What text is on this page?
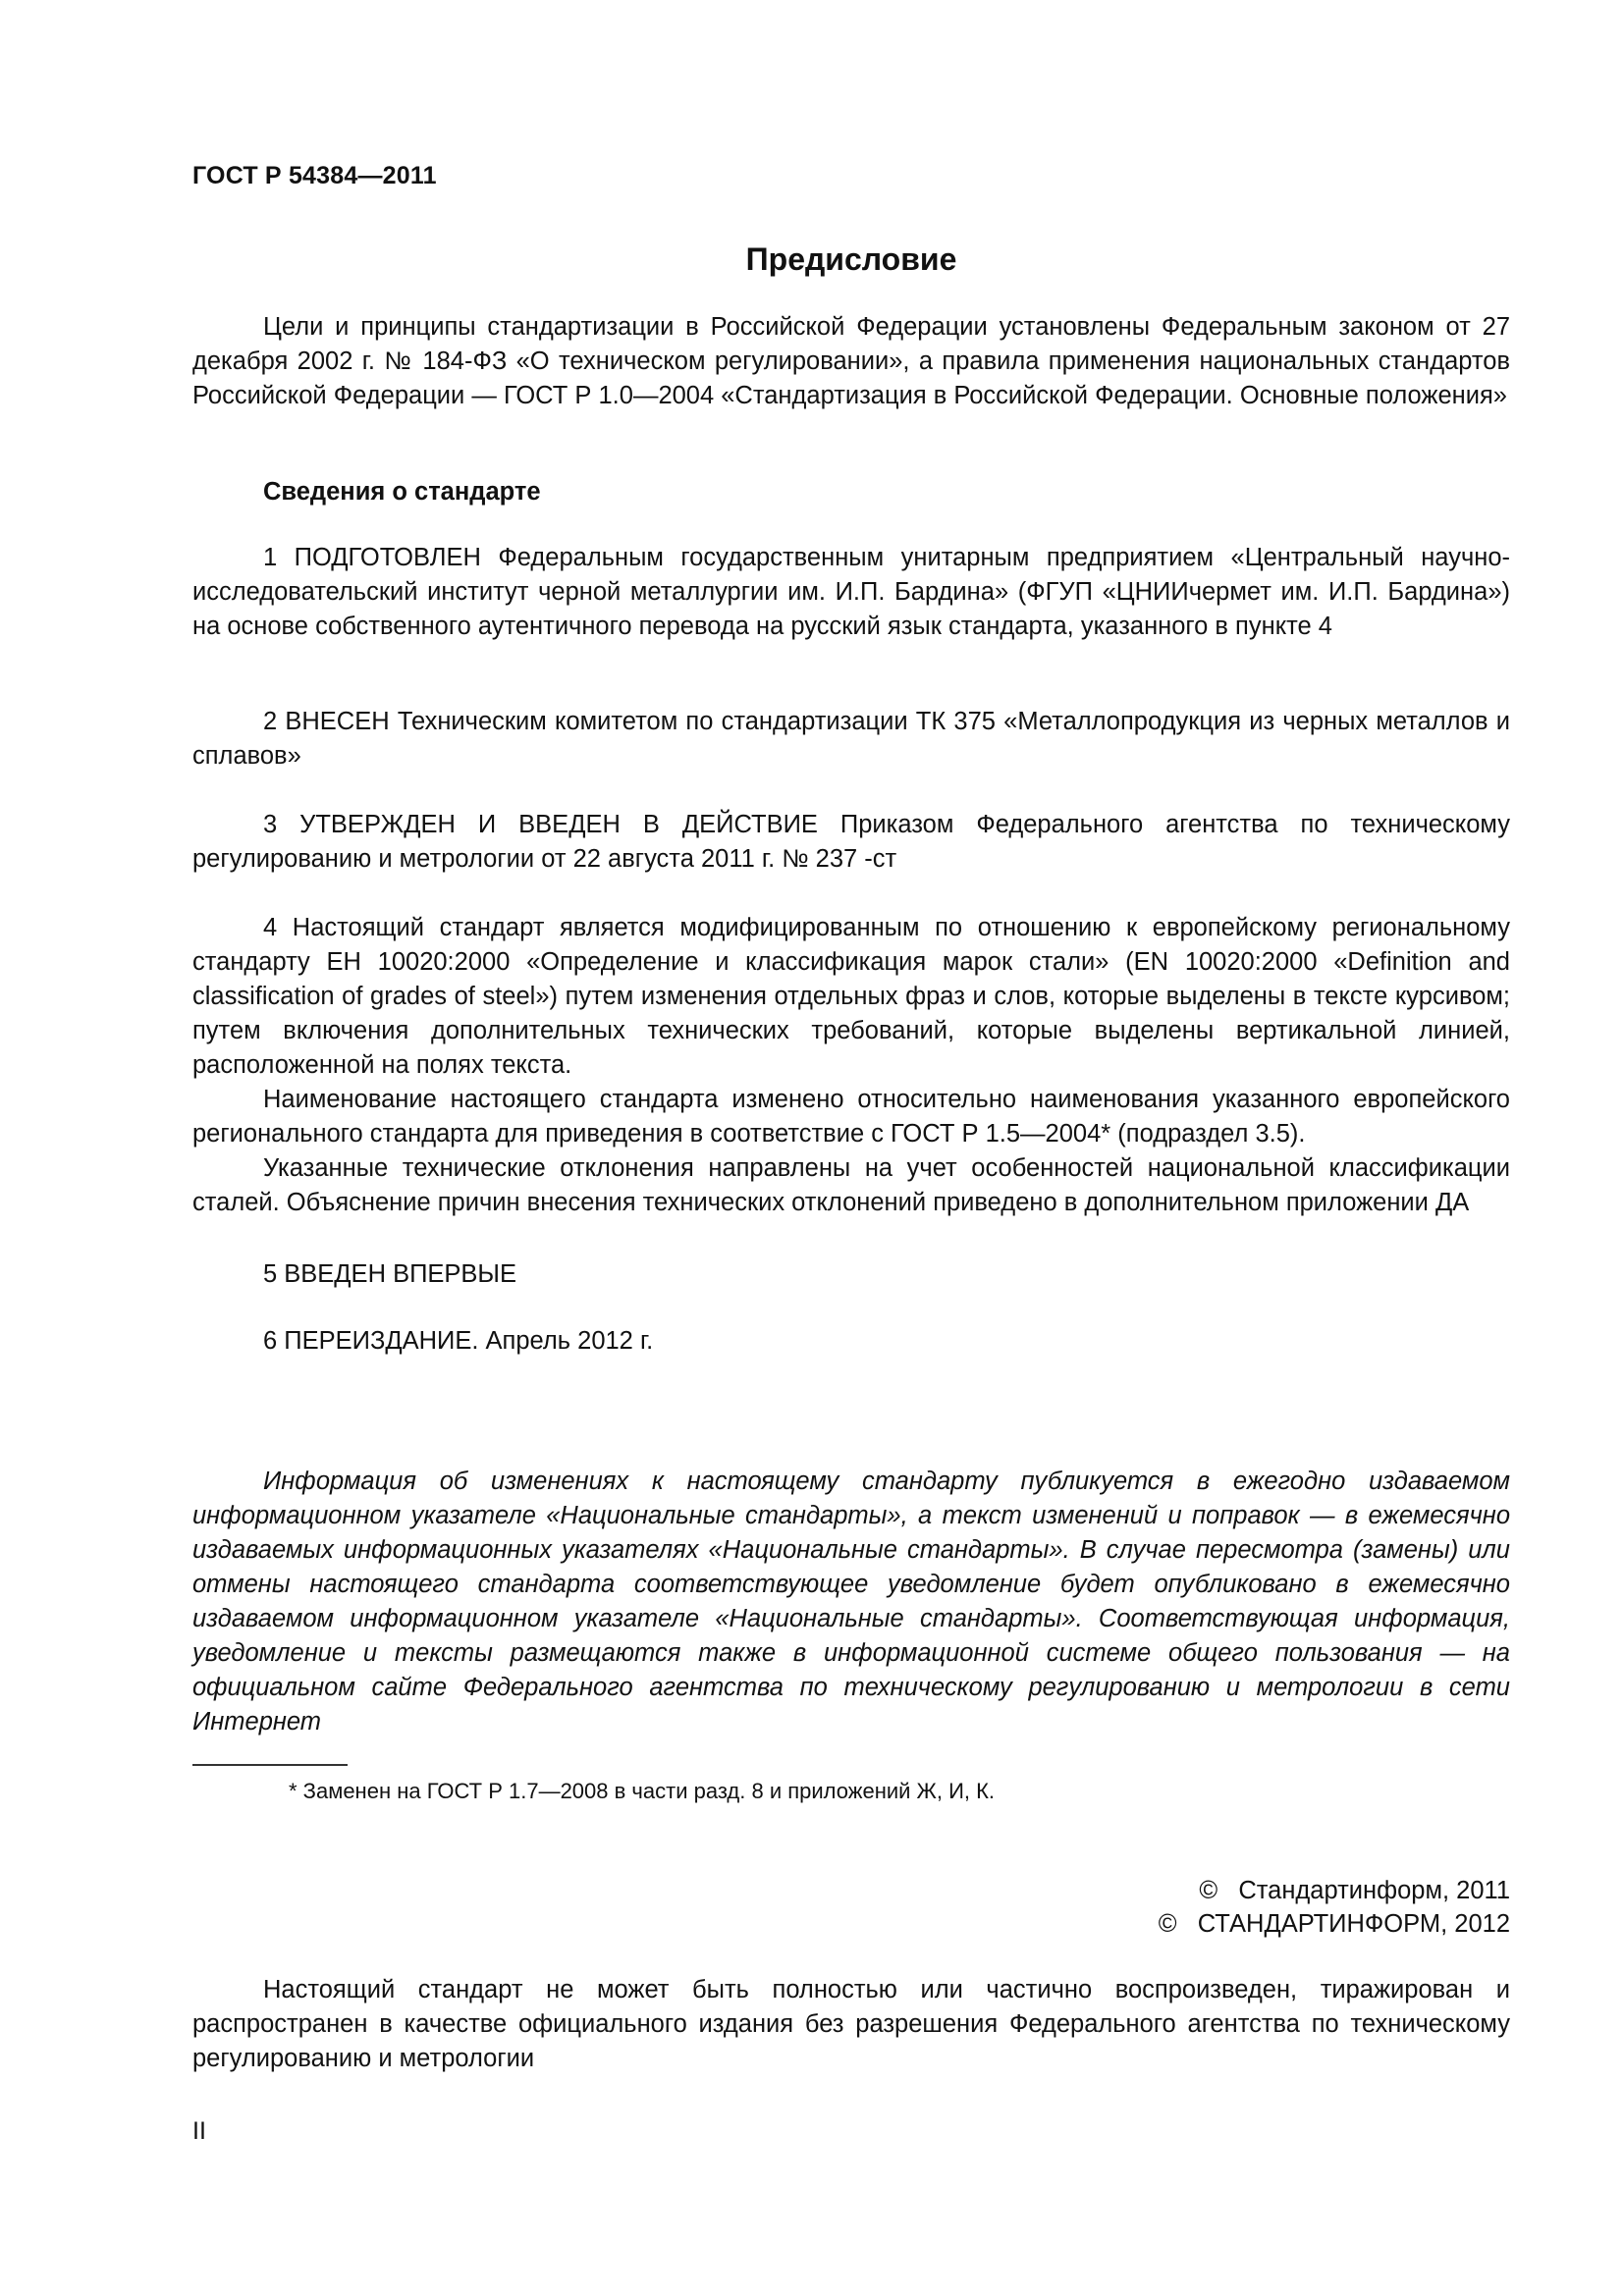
ГОСТ Р 54384—2011
Предисловие

Цели и принципы стандартизации в Российской Федерации установлены Федеральным законом от 27 декабря 2002 г. № 184-ФЗ «О техническом регулировании», а правила применения национальных стандартов Российской Федерации — ГОСТ Р 1.0—2004 «Стандартизация в Российской Федерации. Основные положения»

Сведения о стандарте

1 ПОДГОТОВЛЕН Федеральным государственным унитарным предприятием «Центральный научно-исследовательский институт черной металлургии им. И.П. Бардина» (ФГУП «ЦНИИчермет им. И.П. Бардина») на основе собственного аутентичного перевода на русский язык стандарта, указанного в пункте 4

2 ВНЕСЕН Техническим комитетом по стандартизации ТК 375 «Металлопродукция из черных металлов и сплавов»

3 УТВЕРЖДЕН И ВВЕДЕН В ДЕЙСТВИЕ Приказом Федерального агентства по техническому регулированию и метрологии от 22 августа 2011 г. № 237 -ст

4 Настоящий стандарт является модифицированным по отношению к европейскому региональному стандарту ЕН 10020:2000 «Определение и классификация марок стали» (EN 10020:2000 «Definition and classification of grades of steel») путем изменения отдельных фраз и слов, которые выделены в тексте курсивом; путем включения дополнительных технических требований, которые выделены вертикальной линией, расположенной на полях текста.

Наименование настоящего стандарта изменено относительно наименования указанного европейского регионального стандарта для приведения в соответствие с ГОСТ Р 1.5—2004* (подраздел 3.5).

Указанные технические отклонения направлены на учет особенностей национальной классификации сталей. Объяснение причин внесения технических отклонений приведено в дополнительном приложении ДА

5 ВВЕДЕН ВПЕРВЫЕ
6 ПЕРЕИЗДАНИЕ. Апрель 2012 г.

Информация об изменениях к настоящему стандарту публикуется в ежегодно издаваемом информационном указателе «Национальные стандарты», а текст изменений и поправок — в ежемесячно издаваемых информационных указателях «Национальные стандарты». В случае пересмотра (замены) или отмены настоящего стандарта соответствующее уведомление будет опубликовано в ежемесячно издаваемом информационном указателе «Национальные стандарты». Соответствующая информация, уведомление и тексты размещаются также в информационной системе общего пользования — на официальном сайте Федерального агентства по техническому регулированию и метрологии в сети Интернет

* Заменен на ГОСТ Р 1.7—2008 в части разд. 8 и приложений Ж, И, К.
©   Стандартинформ, 2011
©   СТАНДАРТИНФОРМ, 2012

Настоящий стандарт не может быть полностью или частично воспроизведен, тиражирован и распространен в качестве официального издания без разрешения Федерального агентства по техническому регулированию и метрологии

II
